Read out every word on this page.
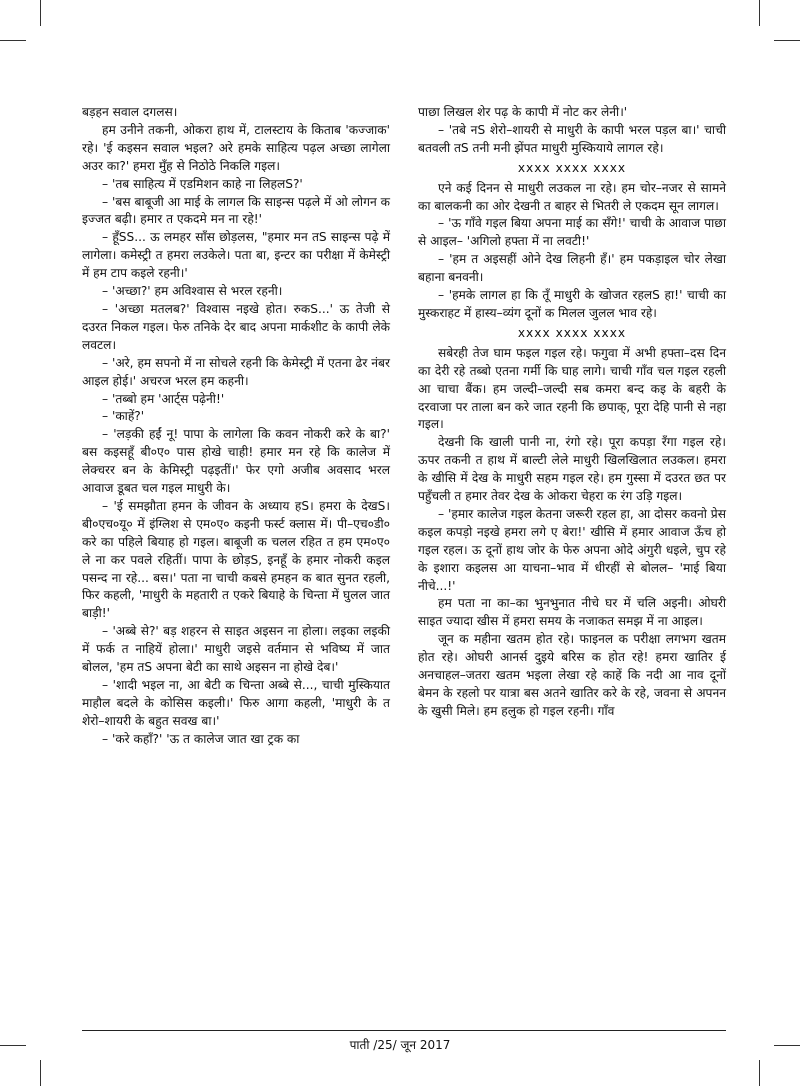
बड़हन सवाल दगलस।

हम उनीने तकनी, ओकरा हाथ में, टालस्टाय के किताब 'कज्जाक' रहे। 'ई कइसन सवाल भइल? अरे हमके साहित्य पढ़ल अच्छा लागेला अउर का?' हमरा मुँह से निठोठे निकलि गइल।

– 'तब साहित्य में एडमिशन काहे ना लिहलS?'

– 'बस बाबूजी आ माई के लागल कि साइन्स पढ़ले में ओ लोगन क इज्जत बढ़ी। हमार त एकदमे मन ना रहे!'

– हूँSS... ऊ लमहर साँस छोड़लस, "हमार मन तS साइन्स पढ़े में लागेला। कमेस्ट्री त हमरा लउकेले। पता बा, इन्टर का परीक्षा में केमेस्ट्री में हम टाप कइले रहनी।'

– 'अच्छा?' हम अविश्वास से भरल रहनी।

– 'अच्छा मतलब?' विश्वास नइखे होत। रुकS...' ऊ तेजी से दउरत निकल गइल। फेरु तनिके देर बाद अपना मार्कशीट के कापी लेके लवटल।

– 'अरे, हम सपनो में ना सोचले रहनी कि केमेस्ट्री में एतना ढेर नंबर आइल होई।' अचरज भरल हम कहनी।

– 'तब्बो हम 'आर्ट्स पढ़ेनी!'

– 'काहें?'

– 'लड़की हईं नू! पापा के लागेला कि कवन नोकरी करे के बा?' बस कइसहूँ बी०ए० पास होखे चाही! हमार मन रहे कि कालेज में लेक्चरर बन के केमिस्ट्री पढ़इतीं।' फेर एगो अजीब अवसाद भरल आवाज डूबत चल गइल माधुरी के।

– 'ई समझौता हमन के जीवन के अध्याय हS। हमरा के देखS। बी०एच०यू० में इंग्लिश से एम०ए० कइनी फर्स्ट क्लास में। पी–एच०डी० करे का पहिले बियाह हो गइल। बाबूजी क चलल रहित त हम एम०ए० ले ना कर पवले रहितीं। पापा के छोड़S, इनहूँ के हमार नोकरी कइल पसन्द ना रहे... बस।' पता ना चाची कबसे हमहन क बात सुनत रहली, फिर कहली, 'माधुरी के महतारी त एकरे बियाहे के चिन्ता में घुलल जात बाड़ी!'

– 'अब्बे से?' बड़ शहरन से साइत अइसन ना होला। लइका लइकी में फर्क त नाहियें होला।' माधुरी जइसे वर्तमान से भविष्य में जात बोलल, 'हम तS अपना बेटी का साथे अइसन ना होखे देब।'

– 'शादी भइल ना, आ बेटी क चिन्ता अब्बे से..., चाची मुस्कियात माहौल बदले के कोसिस कइली।' फिरु आगा कहली, 'माधुरी के त शेरो–शायरी के बहुत सवख बा।'

– 'करे कहाँ?' 'ऊ त कालेज जात खा ट्रक का

पाछा लिखल शेर पढ़ के कापी में नोट कर लेनी।'

– 'तबे नS शेरो–शायरी से माधुरी के कापी भरल पड़ल बा।' चाची बतवली तS तनी मनी झेंपत माधुरी मुस्कियाये लागल रहे।

xxxx xxxx xxxx

एने कई दिनन से माधुरी लउकल ना रहे। हम चोर–नजर से सामने का बालकनी का ओर देखनी त बाहर से भितरी ले एकदम सून लागल।

– 'ऊ गाँवे गइल बिया अपना माई का सँगे!' चाची के आवाज पाछा से आइल– 'अगिलो हफ्ता में ना लवटी!'

– 'हम त अइसहीं ओने देख लिहनी हँ।' हम पकड़ाइल चोर लेखा बहाना बनवनी।

– 'हमके लागल हा कि तूँ माधुरी के खोजत रहलS हा!' चाची का मुस्कराहट में हास्य–व्यंग दूनों क मिलल जुलल भाव रहे।

xxxx xxxx xxxx

सबेरही तेज घाम फइल गइल रहे। फगुवा में अभी हफ्ता–दस दिन का देरी रहे तब्बो एतना गर्मी कि घाह लागे। चाची गाँव चल गइल रहली आ चाचा बैंक। हम जल्दी–जल्दी सब कमरा बन्द कइ के बहरी के दरवाजा पर ताला बन करे जात रहनी कि छपाक्, पूरा देहि पानी से नहा गइल।

देखनी कि खाली पानी ना, रंगो रहे। पूरा कपड़ा रँगा गइल रहे। ऊपर तकनी त हाथ में बाल्टी लेले माधुरी खिलखिलात लउकल। हमरा के खीसि में देख के माधुरी सहम गइल रहे। हम गुस्सा में दउरत छत पर पहुँचली त हमार तेवर देख के ओकरा चेहरा क रंग उड़ि गइल।

– 'हमार कालेज गइल केतना जरूरी रहल हा, आ दोसर कवनो प्रेस कइल कपड़ो नइखे हमरा लगे ए बेरा!' खीसि में हमार आवाज ऊँच हो गइल रहल। ऊ दूनों हाथ जोर के फेरु अपना ओदे अंगुरी धइले, चुप रहे के इशारा कइलस आ याचना–भाव में धीरहीं से बोलल– 'माई बिया नीचे...!'

हम पता ना का–का भुनभुनात नीचे घर में चलि अइनी। ओघरी साइत ज्यादा खीस में हमरा समय के नजाकत समझ में ना आइल।

जून क महीना खतम होत रहे। फाइनल क परीक्षा लगभग खतम होत रहे। ओघरी आनर्स दुइये बरिस क होत रहे! हमरा खातिर ई अनचाहल–जतरा खतम भइला लेखा रहे काहें कि नदी आ नाव दूनों बेमन के रहलो पर यात्रा बस अतने खातिर करे के रहे, जवना से अपनन के खुसी मिले। हम हलुक हो गइल रहनी। गाँव

पाती /25/ जून 2017
